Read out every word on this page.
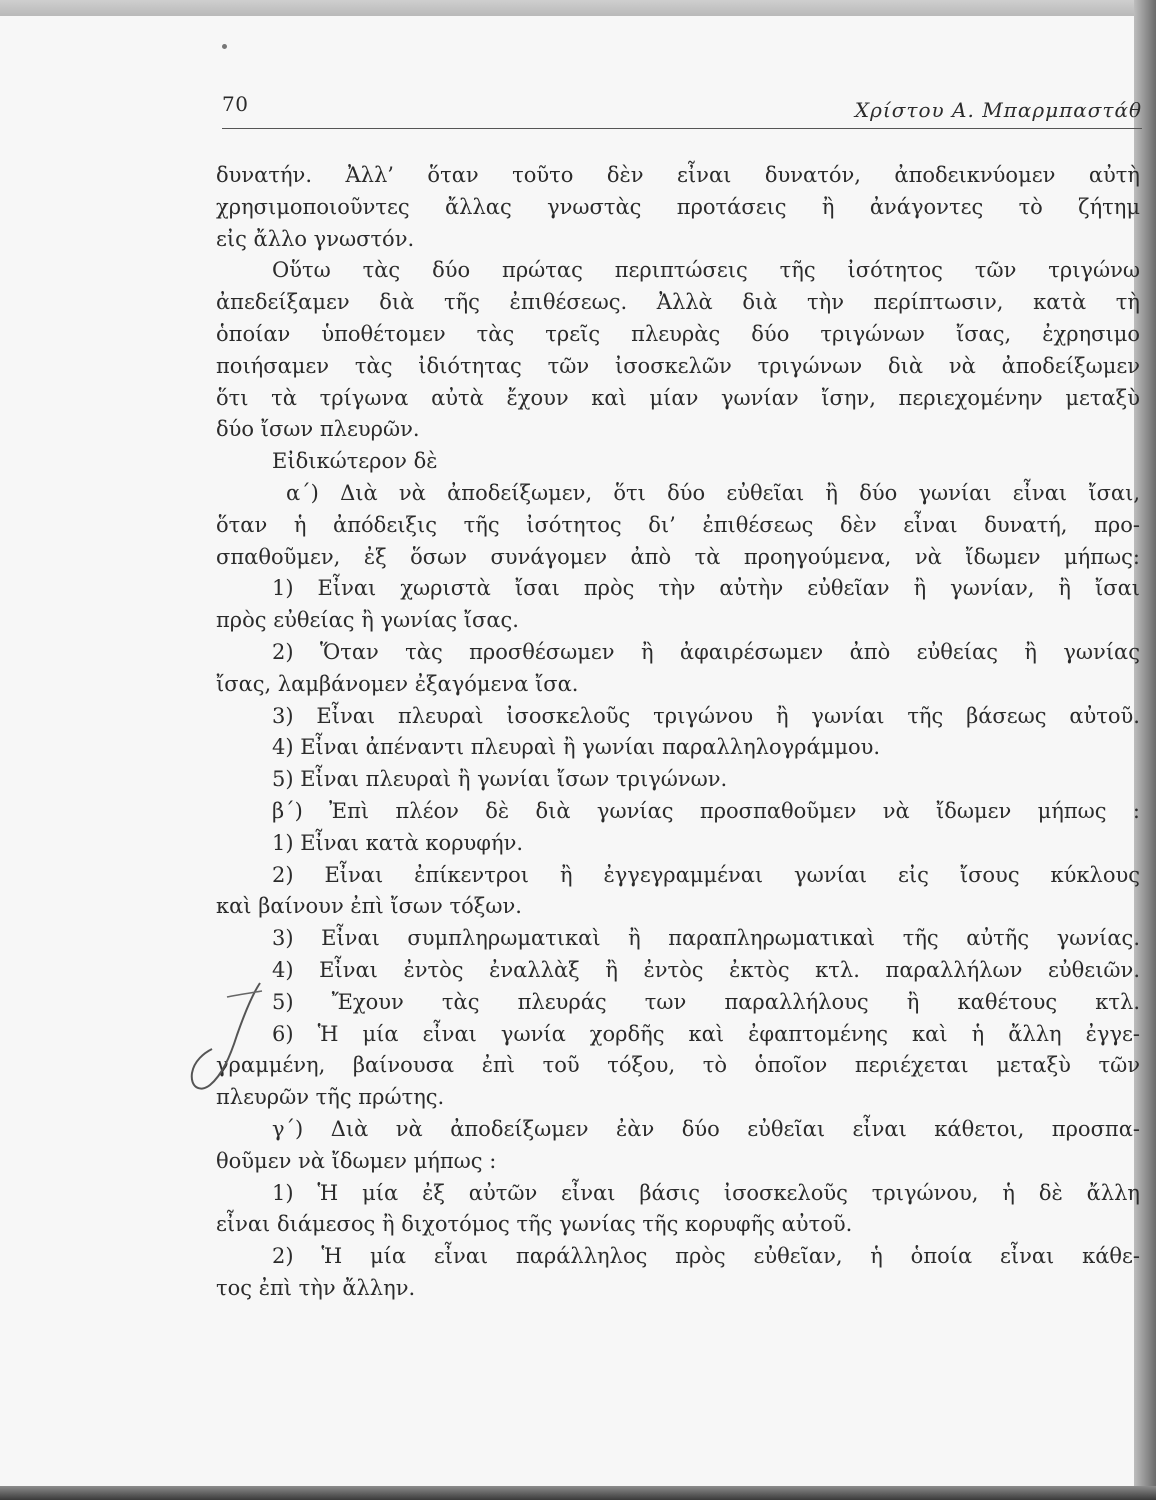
70	Χρίστου Α. Μπαρμπαστάθ
δυνατήν. Ἀλλ’ ὅταν τοῦτο δὲν εἶναι δυνατόν, ἀποδεικνύομεν αὐτὴ
χρησιμοποιοῦντες ἄλλας γνωστὰς προτάσεις ἢ ἀνάγοντες τὸ ζήτημ
εἰς ἄλλο γνωστόν.
Οὕτω τὰς δύο πρώτας περιπτώσεις τῆς ἰσότητος τῶν τριγώνω
ἀπεδείξαμεν διὰ τῆς ἐπιθέσεως. Ἀλλὰ διὰ τὴν περίπτωσιν, κατὰ τὴ
ὁποίαν ὑποθέτομεν τὰς τρεῖς πλευρὰς δύο τριγώνων ἴσας, ἐχρησιμο
ποιήσαμεν τὰς ἰδιότητας τῶν ἰσοσκελῶν τριγώνων διὰ νὰ ἀποδείξωμεν
ὅτι τὰ τρίγωνα αὐτὰ ἔχουν καὶ μίαν γωνίαν ἴσην, περιεχομένην μεταξὺ
δύο ἴσων πλευρῶν.
Εἰδικώτερον δὲ
α΄) Διὰ νὰ ἀποδείξωμεν, ὅτι δύο εὐθεῖαι ἢ δύο γωνίαι εἶναι ἴσαι,
ὅταν ἡ ἀπόδειξις τῆς ἰσότητος δι’ ἐπιθέσεως δὲν εἶναι δυνατή, προ-
σπαθοῦμεν, ἐξ ὅσων συνάγομεν ἀπὸ τὰ προηγούμενα, νὰ ἴδωμεν μήπως:
1) Εἶναι χωριστὰ ἴσαι πρὸς τὴν αὐτὴν εὐθεῖαν ἢ γωνίαν, ἢ ἴσαι
πρὸς εὐθείας ἢ γωνίας ἴσας.
2) Ὅταν τὰς προσθέσωμεν ἢ ἀφαιρέσωμεν ἀπὸ εὐθείας ἢ γωνίας
ἴσας, λαμβάνομεν ἐξαγόμενα ἴσα.
3) Εἶναι πλευραὶ ἰσοσκελοῦς τριγώνου ἢ γωνίαι τῆς βάσεως αὐτοῦ.
4) Εἶναι ἀπέναντι πλευραὶ ἢ γωνίαι παραλληλογράμμου.
5) Εἶναι πλευραὶ ἢ γωνίαι ἴσων τριγώνων.
β΄) Ἐπὶ πλέον δὲ διὰ γωνίας προσπαθοῦμεν νὰ ἴδωμεν μήπως :
1) Εἶναι κατὰ κορυφήν.
2) Εἶναι ἐπίκεντροι ἢ ἐγγεγραμμέναι γωνίαι εἰς ἴσους κύκλους
καὶ βαίνουν ἐπὶ ἴσων τόξων.
3) Εἶναι συμπληρωματικαὶ ἢ παραπληρωματικαὶ τῆς αὐτῆς γωνίας.
4) Εἶναι ἐντὸς ἐναλλὰξ ἢ ἐντὸς ἐκτὸς κτλ. παραλλήλων εὐθειῶν.
5) Ἔχουν τὰς πλευράς των παραλλήλους ἢ καθέτους κτλ.
6) Ἡ μία εἶναι γωνία χορδῆς καὶ ἐφαπτομένης καὶ ἡ ἄλλη ἐγγε-
γραμμένη, βαίνουσα ἐπὶ τοῦ τόξου, τὸ ὁποῖον περιέχεται μεταξὺ τῶν
πλευρῶν τῆς πρώτης.
γ΄) Διὰ νὰ ἀποδείξωμεν ἐὰν δύο εὐθεῖαι εἶναι κάθετοι, προσπα-
θοῦμεν νὰ ἴδωμεν μήπως :
1) Ἡ μία ἐξ αὐτῶν εἶναι βάσις ἰσοσκελοῦς τριγώνου, ἡ δὲ ἄλλη
εἶναι διάμεσος ἢ διχοτόμος τῆς γωνίας τῆς κορυφῆς αὐτοῦ.
2) Ἡ μία εἶναι παράλληλος πρὸς εὐθεῖαν, ἡ ὁποία εἶναι κάθε-
τος ἐπὶ τὴν ἄλλην.
